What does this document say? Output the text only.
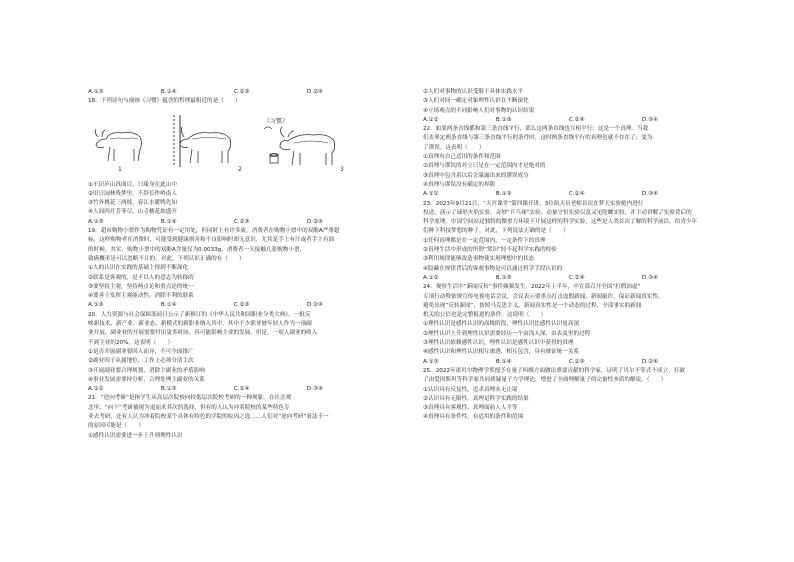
A.①③	B.①④	C.②③	D.②④
18．下列诗句与漫画《习惯》蕴含的哲理最相近的是（　　）
1	2
《习惯》
3
①不识庐山真面目，只缘身在此山中
②旧日园林残梦里，不辞长作岭南人
③竹外桃花三两枝，春江水暖鸭先知
④人间四月芳菲尽，山寺桃花始盛开
A.①③	B.①④	C.②③	D.②④
19．超市购物小票作为购物凭证有一定用处，但同时上有许多流，消费者在购物小票中的双酚A严重超
标，这样购物者在消费时，可能受到健康损害和不良影响时却无意识，尤其是手上有汗或者手上有油
的时候。其实，购物小票中的双酚A含量仅为0.0033g，消费者一天接触几张购物小票，
致癌概率是可以忽略不计的。对此，下列认识正确的有（　　）
①人的认识在实践的基础上得到不断深化
②联系是客观的，是不以人的意志为转移的
③要坚持主观，坚持两点论和重点论的统一
④要善于发挥主观能动性，消除不利的联系
A.①③	B.①④	C.②③	D.②④
20．人力资源与社会保障部前日公示了新修订的《中华人民共和国职业分类大典》，一批反
映新技术、新产业、新业态、新模式的新职业纳入其中。其中不少职业被年轻人作为一项副
业开展，副业业的开展需要付出更多时间，容可能影响主业的发展。但是，一项人副业的收入
不到主业的20%。这表明（　　）
①是否开展副业要因人而异，不可全面推广
②副业因子从属地位，工作上必须分清主次
③开展副业要合理规划，消除主副业的矛盾影响
④事业发展需要持分析，合理处理主副业的关系
A.①②	B.①③	C.②④	D.③④
21．“逆向考研”是指学生从高层次院校向较低层次院校考研的一种现象。在社会观
念里，“向下”考研被视为退而求其次的选择，但有的人认为冲着院校的某些特色专
业去考研，还有人认为冲着院校某个具体有特色的学院的原因之选……人们对“逆向考研”看法不一
的原因可能是（　　）
①感性认识需要进一步上升到理性认识
②人们对事物的认识受限于具体实践水平
③人们对同一确定对象理性认识在不断深化
④立场观点的不同影响人们对事物的认识结果
A.①②	B.①③	C.②④	D.③④
22．如果两条直线都和第三条直线平行，那么这两条直线也互相平行；这是一个真理。当我
们去界定两条直线与第三条直线平行的条件时，这时两条直线平行的真理也就不存在了；变为
了谬误。这表明（　　）
①真理有自己适用的条件和范围
②真理与谬误的对立只是在一定范围内才是绝对的
③真理中包含着以后会暴露出来的谬误成分
④真理与谬误没有确定的界限
A.①②	B.①③	C.②④	D.③④
23．2023年9月21日，“天宫课堂”第四课开讲，3位航天员老师首次在梦天实验舱内进行
投送，演示了球形火焰实验、奇妙“乒乓球”实验、动量守恒实验以及又见陀螺实验，并主动讲解了实验背后的
科学原理。中国空间站这独特的微重力环境下开展这样的科学实验，这些是人类首次了解的科学前沿，给青少年
们种下科技梦想的种子。对此，下列说法正确的是（　　）
①任何真理都是在一定范围内，一定条件下的真理
②真理生活中形成的所谓“常识”经不起科学实践的检验
③利用规律能够改造事物使实现理想中的状态
④隐藏在规律背后的客观事物是可以通过科学手段认识的
A.①②	B.①③	C.②④	D.③④
24．观察生活中“新闻反转”事件频频发生，2022年上半年，中宣部召开全国“打假治虚”
专项行动暨依规宣传电视电话会议，会议表示要重点打击虚假新闻，新闻敲诈，保证新闻真实性。
避免出现“反转新闻”，按照马克思主义，新闻真实性是一个动态的过程，全部事实的新闻
机关的公信也是完整报道的条件。这说明（　　）
①理性认识是感性认识的高级阶段，理性认识比感性认识更高深
②理性认识上升到理性认识需要经历一个由浅入深、由表及里的过程
③理性认识依赖感性认识，理性认识是感性认识中获得的真理
④感性认识和理性认识相互渗透、相互包含，具有辩证统一关系
A.①③	B.①④	C.②③	D.②④
25．2022年诺贝尔物理学奖授予在量子纠缠方面做出重要贡献的科学家，证明了贝尔不等式不成立，打破
了由爱因斯坦等科学家共同质疑量子力学理论，增进了全面理解量子的完备性本质的解说。（　　）
①认识具有反复性，追求真理永无止境
②认识具有无限性，真理是科学实践的结果
③真理具有客观性，真理面前人人平等
④真理具有条件性，有适用的条件和范围
